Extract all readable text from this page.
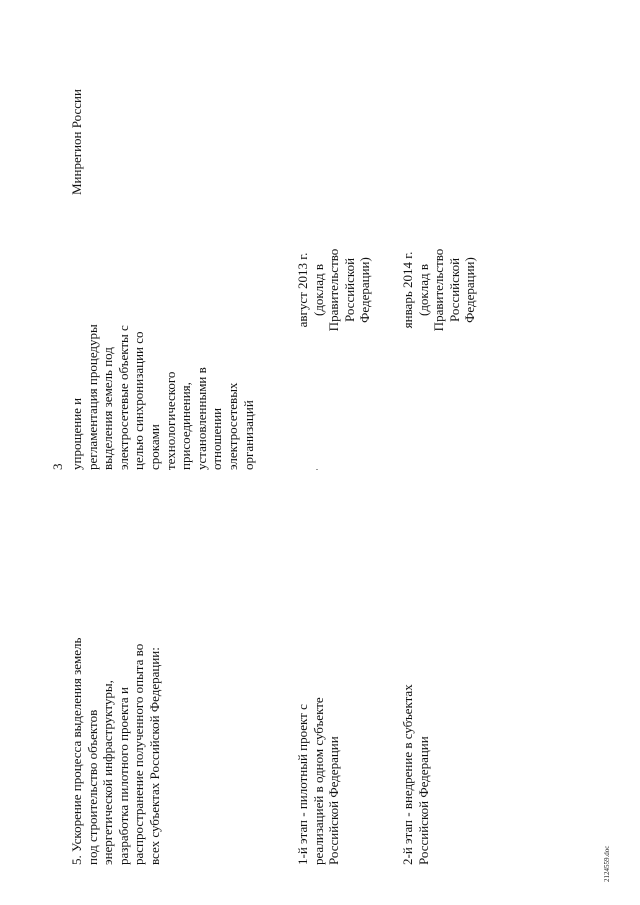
3
5. Ускорение процесса выделения земель
под строительство объектов
энергетической инфраструктуры,
разработка пилотного проекта и
распространение полученного опыта во
всех субъектах Российской Федерации:
упрощение и
регламентация процедуры
выделения земель под
электросетевые объекты с
целью синхронизации со
сроками
технологического
присоединения,
установленными в
отношении
электросетевых
организаций
Минрегион России
1-й этап - пилотный проект с
реализацией в одном субъекте
Российской Федерации
август 2013 г.
(доклад в
Правительство
Российской
Федерации)
2-й этап - внедрение в субъектах
Российской Федерации
январь 2014 г.
(доклад в
Правительство
Российской
Федерации)
2124559.doc
